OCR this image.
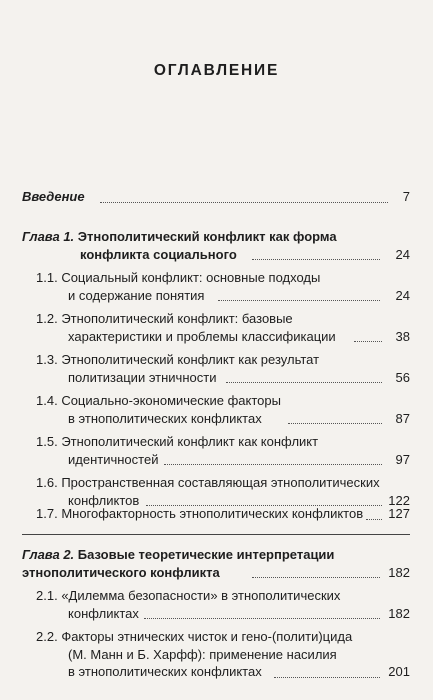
ОГЛАВЛЕНИЕ
Введение	7
Глава 1. Этнополитический конфликт как форма
конфликта социального	24
1.1. Социальный конфликт: основные подходы
и содержание понятия	24
1.2. Этнополитический конфликт: базовые
характеристики и проблемы классификации	38
1.3. Этнополитический конфликт как результат
политизации этничности	56
1.4. Социально-экономические факторы
в этнополитических конфликтах	87
1.5. Этнополитический конфликт как конфликт
идентичностей	97
1.6. Пространственная составляющая этнополитических
конфликтов	122
1.7. Многофакторность этнополитических конфликтов 127
Глава 2. Базовые теоретические интерпретации
этнополитического конфликта	182
2.1. «Дилемма безопасности» в этнополитических
конфликтах	182
2.2. Факторы этнических чисток и гено-(полити)цида
(М. Манн и Б. Харфф): применение насилия
в этнополитических конфликтах	201
